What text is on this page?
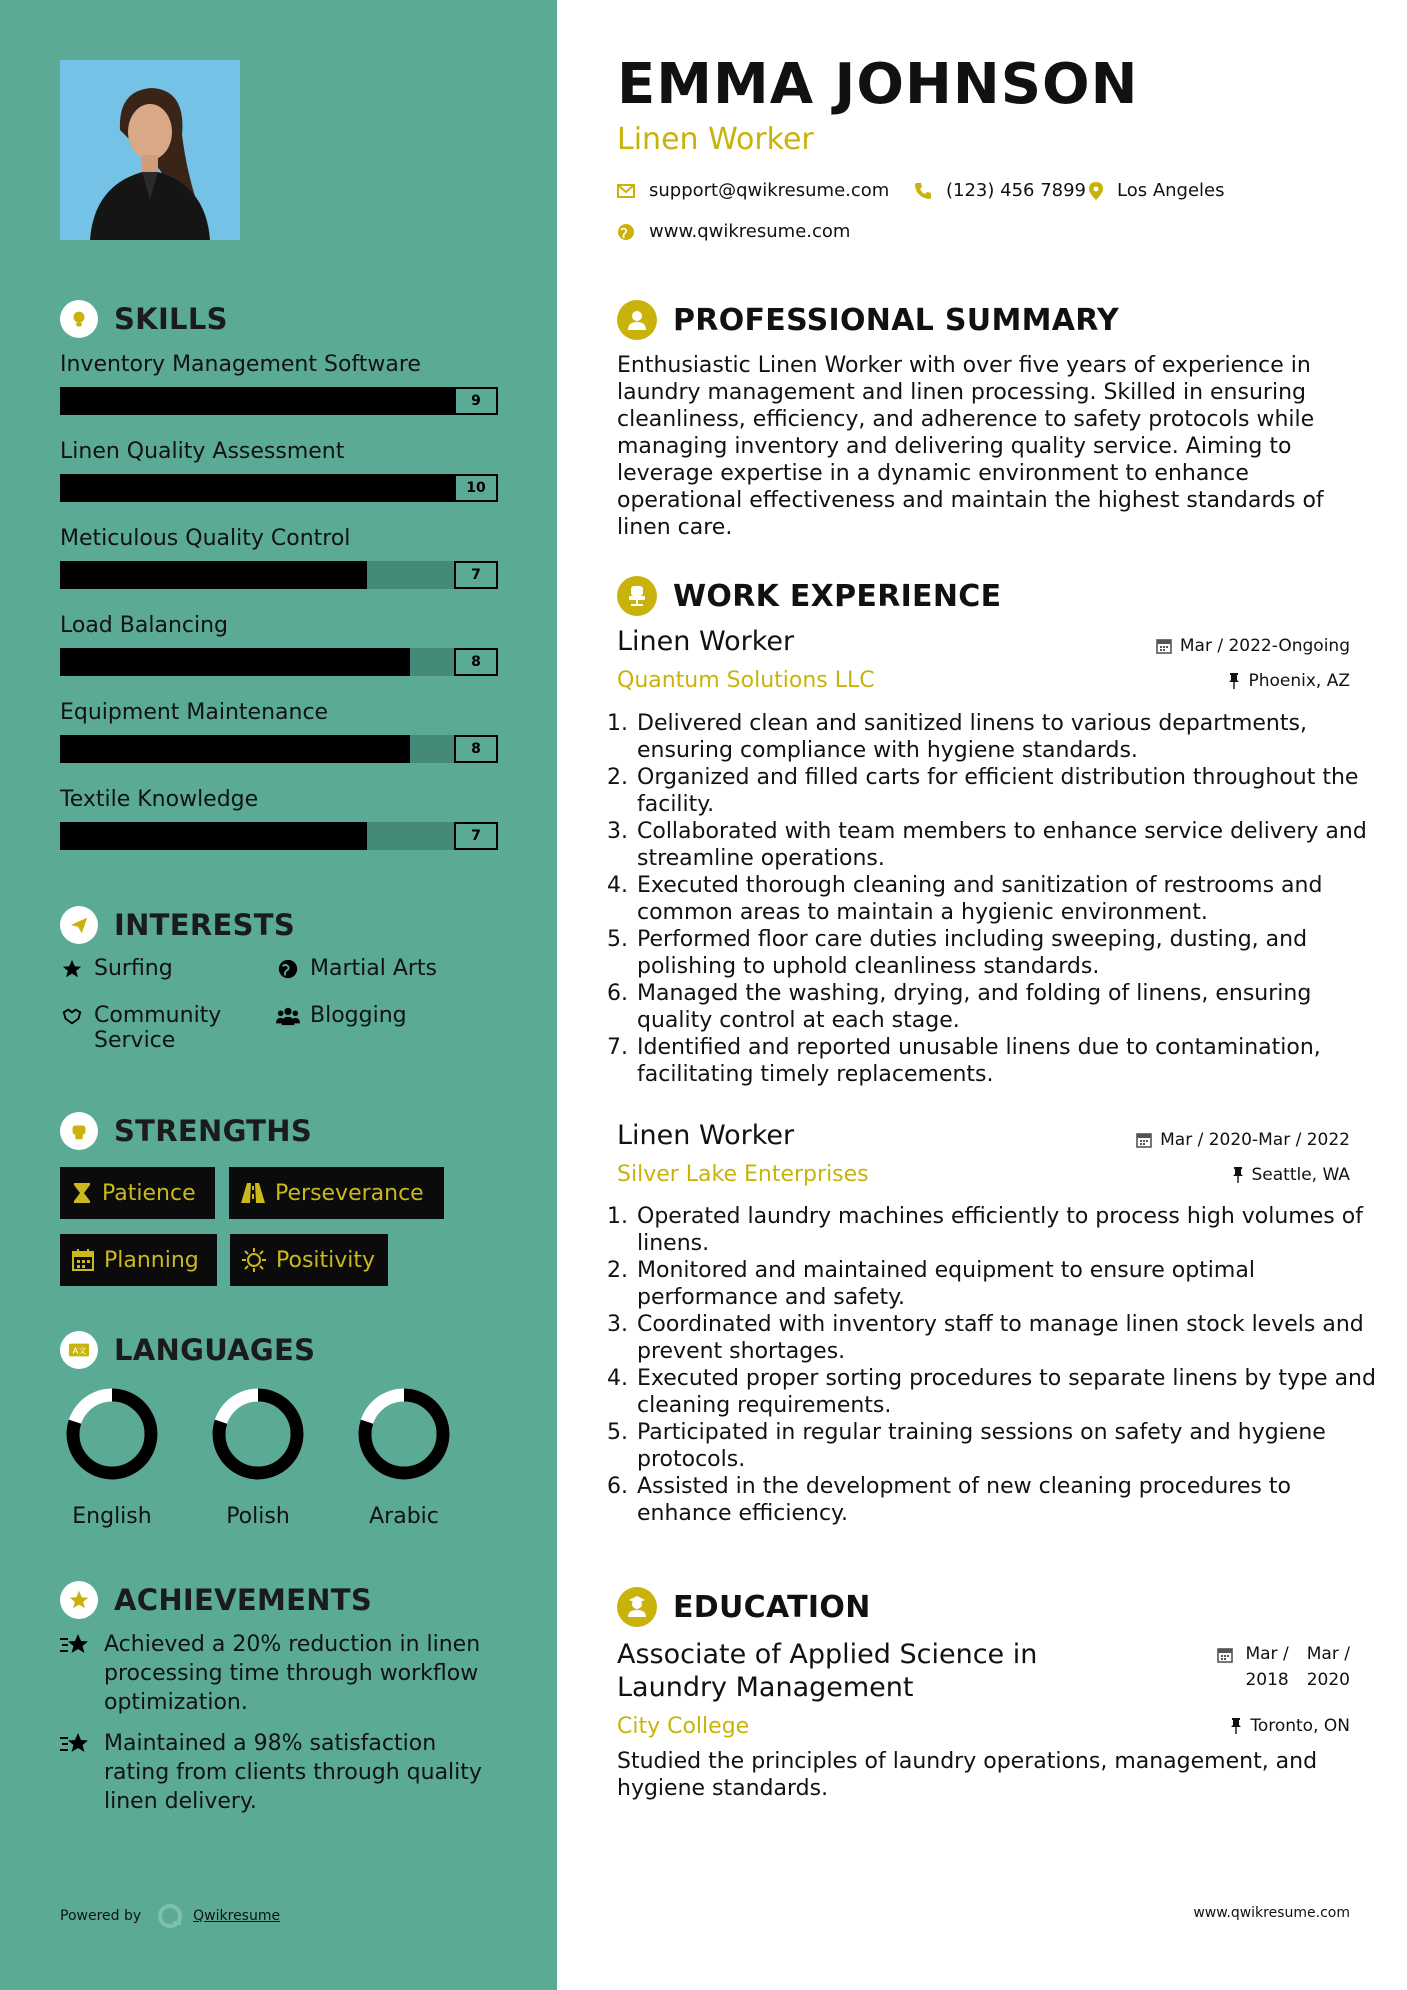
SKILLS
Inventory Management Software
9
Linen Quality Assessment
10
Meticulous Quality Control
7
Load Balancing
8
Equipment Maintenance
8
Textile Knowledge
7
INTERESTS
Surfing	Martial Arts
Community Service
Blogging
STRENGTHS
Patience	Perseverance
Planning	Positivity
A文 LANGUAGES
English	Polish	Arabic
ACHIEVEMENTS
Achieved a 20% reduction in linen processing time through workflow optimization.
Maintained a 98% satisfaction rating from clients through quality linen delivery.
Powered by	Qwikresume
EMMA JOHNSON
Linen Worker
support@qwikresume.com	(123) 456 7899 Los Angeles
www.qwikresume.com
PROFESSIONAL SUMMARY
Enthusiastic Linen Worker with over five years of experience in laundry management and linen processing. Skilled in ensuring cleanliness, efficiency, and adherence to safety protocols while managing inventory and delivering quality service. Aiming to leverage expertise in a dynamic environment to enhance operational effectiveness and maintain the highest standards of linen care.
WORK EXPERIENCE
Linen Worker
Quantum Solutions LLC
Mar / 2022-Ongoing
Phoenix, AZ
1. Delivered clean and sanitized linens to various departments, ensuring compliance with hygiene standards.
2. Organized and filled carts for efficient distribution throughout the facility.
3. Collaborated with team members to enhance service delivery and streamline operations.
4. Executed thorough cleaning and sanitization of restrooms and common areas to maintain a hygienic environment.
5. Performed floor care duties including sweeping, dusting, and polishing to uphold cleanliness standards.
6. Managed the washing, drying, and folding of linens, ensuring quality control at each stage.
7. Identified and reported unusable linens due to contamination, facilitating timely replacements.
Linen Worker
Silver Lake Enterprises
Mar / 2020-Mar / 2022
Seattle, WA
1. Operated laundry machines efficiently to process high volumes of linens.
2. Monitored and maintained equipment to ensure optimal performance and safety.
3. Coordinated with inventory staff to manage linen stock levels and prevent shortages.
4. Executed proper sorting procedures to separate linens by type and cleaning requirements.
5. Participated in regular training sessions on safety and hygiene protocols.
6. Assisted in the development of new cleaning procedures to enhance efficiency.
EDUCATION
Associate of Applied Science in Laundry Management
Mar /
2018
Mar /
2020
City College	Toronto, ON
Studied the principles of laundry operations, management, and hygiene standards.
www.qwikresume.com
